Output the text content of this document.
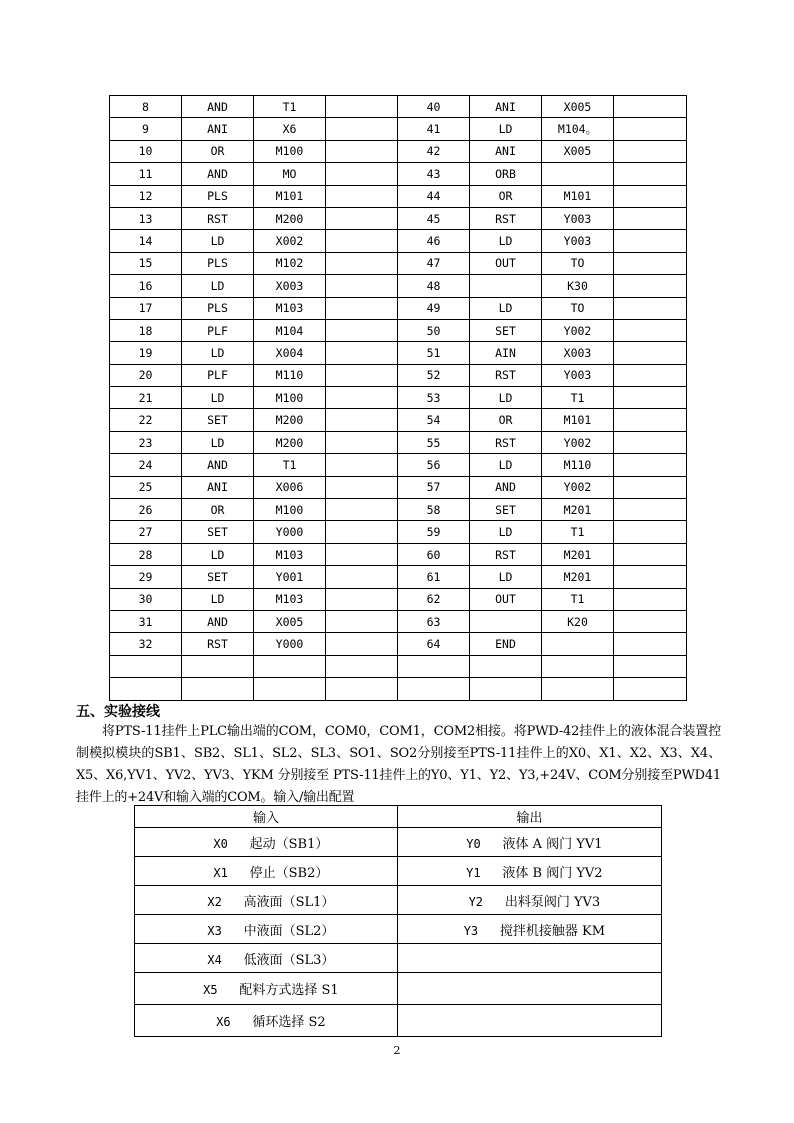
8	AND	T1		40	ANI	X005	
9	ANI	X6		41	LD	M104。	
10	OR	M100		42	ANI	X005	
11	AND	MO		43	ORB		
12	PLS	M101		44	OR	M101	
13	RST	M200		45	RST	Y003	
14	LD	X002		46	LD	Y003	
15	PLS	M102		47	OUT	TO	
16	LD	X003		48		K30	
17	PLS	M103		49	LD	TO	
18	PLF	M104		50	SET	Y002	
19	LD	X004		51	AIN	X003	
20	PLF	M110		52	RST	Y003	
21	LD	M100		53	LD	T1	
22	SET	M200		54	OR	M101	
23	LD	M200		55	RST	Y002	
24	AND	T1		56	LD	M110	
25	ANI	X006		57	AND	Y002	
26	OR	M100		58	SET	M201	
27	SET	Y000		59	LD	T1	
28	LD	M103		60	RST	M201	
29	SET	Y001		61	LD	M201	
30	LD	M103		62	OUT	T1	
31	AND	X005		63		K20	
32	RST	Y000		64	END		

五、实验接线

将PTS-11挂件上PLC输出端的COM，COM0，COM1，COM2相接。将PWD-42挂件上的液体混合装置控制模拟模块的SB1、SB2、SL1、SL2、SL3、SO1、SO2分别接至PTS-11挂件上的X0、X1、X2、X3、X4、X5、X6,YV1、YV2、YV3、YKM 分别接至 PTS-11挂件上的Y0、Y1、Y2、Y3,+24V、COM分别接至PWD41挂件上的+24V和输入端的COM。输入/输出配置

输入	输出
X0 起动（SB1）	Y0 液体 A 阀门 YV1
X1 停止（SB2）	Y1 液体 B 阀门 YV2
X2 高液面（SL1）	Y2 出料泵阀门 YV3
X3 中液面（SL2）	Y3 搅拌机接触器 KM
X4 低液面（SL3）	
X5 配料方式选择 S1	
X6 循环选择 S2	
2
